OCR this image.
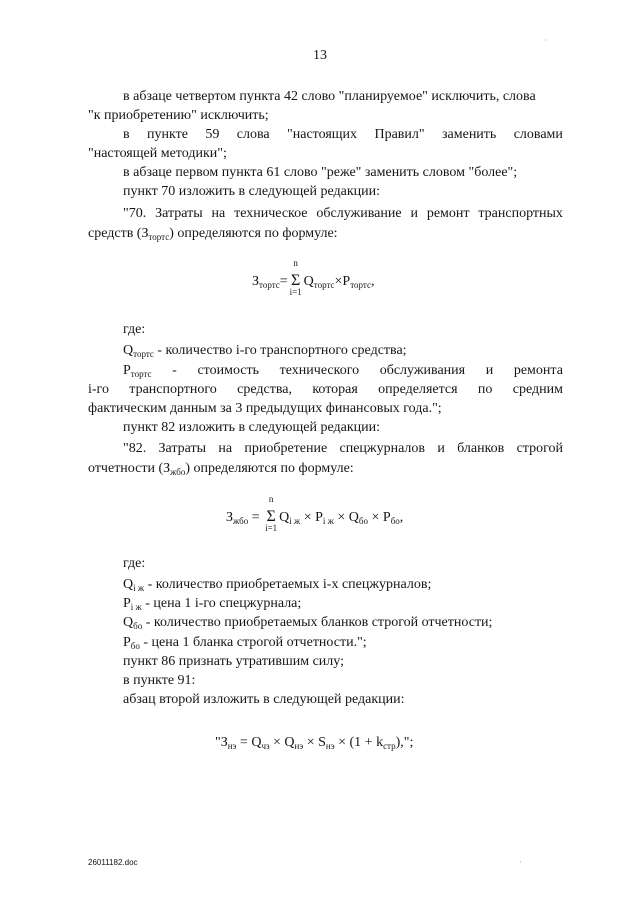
13
в абзаце четвертом пункта 42 слово "планируемое" исключить, слова
"к приобретению" исключить;
в пункте 59 слова "настоящих Правил" заменить словами
"настоящей методики";
в абзаце первом пункта 61 слово "реже" заменить словом "более";
пункт 70 изложить в следующей редакции:
"70. Затраты на техническое обслуживание и ремонт транспортных
средств $(З_{тортс})$ определяются по формуле:
$З_{тортс}= \Sigma$
n
i=1
$Q_{тортс}\times P_{тортс}$,
где:
$Q_{тортс}$ - количество i-го транспортного средства;
$P_{тортс}$ - стоимость технического обслуживания и ремонта
i-го транспортного средства, которая определяется по средним
фактическим данным за 3 предыдущих финансовых года.";
пункт 82 изложить в следующей редакции:
"82. Затраты на приобретение спецжурналов и бланков строгой
отчетности $(З_{жбо})$ определяются по формуле:
$З_{жбо} = \Sigma$
n
i=1
$Q_{i ж} \times P_{i ж} \times Q_{бо} \times P_{бо}$,
где:
$Q_{i ж}$ - количество приобретаемых i-х спецжурналов;
$P_{i ж}$ - цена 1 i-го спецжурнала;
$Q_{бо}$ - количество приобретаемых бланков строгой отчетности;
$P_{бо}$ - цена 1 бланка строгой отчетности.";
пункт 86 признать утратившим силу;
в пункте 91:
абзац второй изложить в следующей редакции:
"$З_{нэ} = Q_{чз} \times Q_{нэ} \times S_{нэ} \times (1 + k_{стр})$,";
26011182.doc
·
·
